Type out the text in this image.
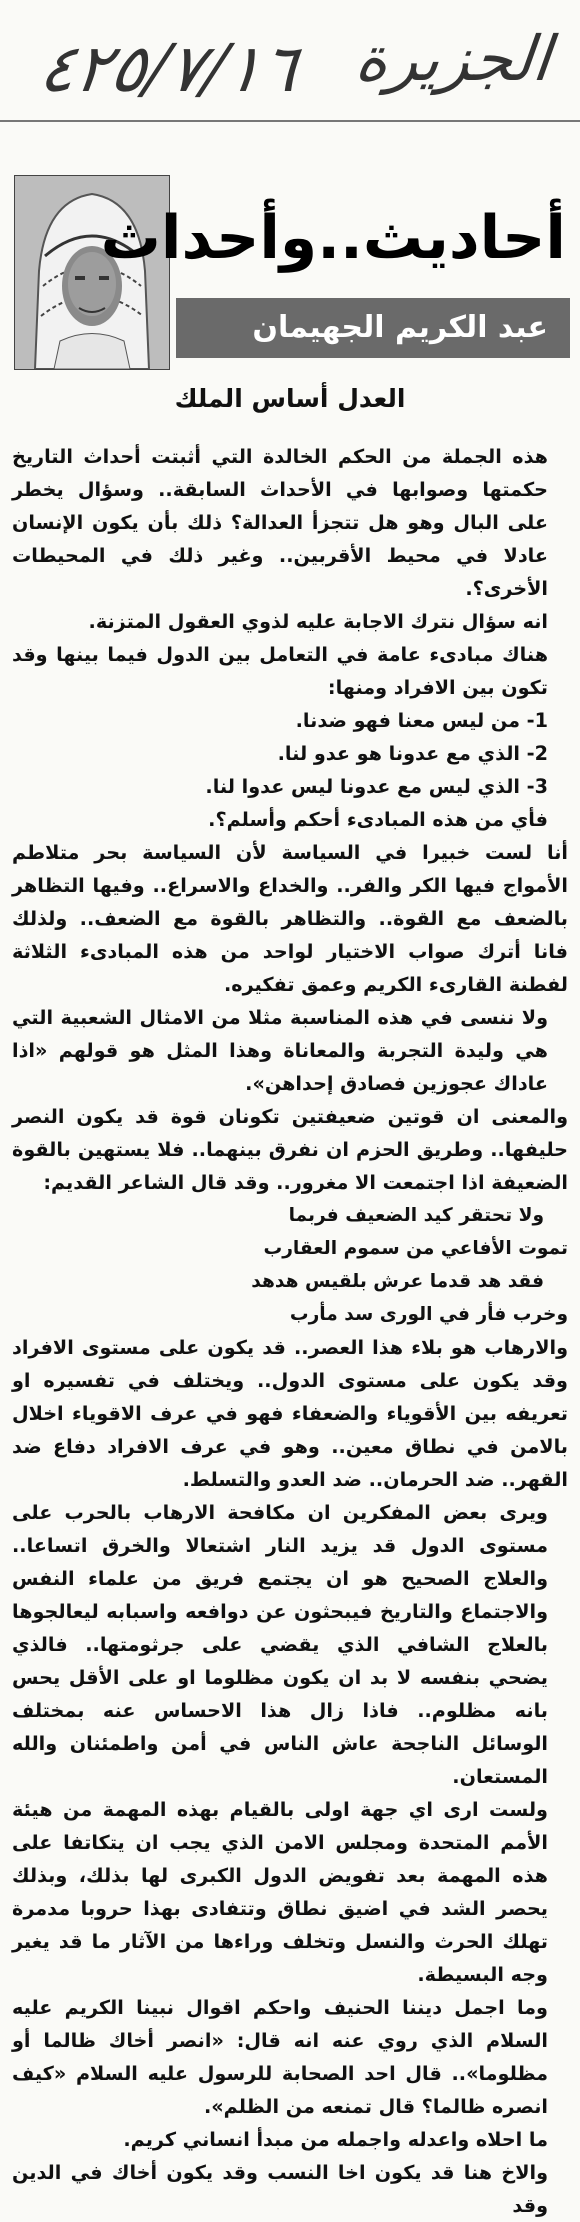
٤٢٥/٧/١٦ الجزيرة
أحاديث..وأحداث
عبد الكريم الجهيمان
العدل أساس الملك

هذه الجملة من الحكم الخالدة التي أثبتت أحداث التاريخ حكمتها وصوابها في الأحداث السابقة.. وسؤال يخطر على البال وهو هل تتجزأ العدالة؟ ذلك بأن يكون الإنسان عادلا في محيط الأقربين.. وغير ذلك في المحيطات الأخرى؟.

انه سؤال نترك الاجابة عليه لذوي العقول المتزنة.

هناك مبادىء عامة في التعامل بين الدول فيما بينها وقد تكون بين الافراد ومنها:

1- من ليس معنا فهو ضدنا.

2- الذي مع عدونا هو عدو لنا.

3- الذي ليس مع عدونا ليس عدوا لنا.

فأي من هذه المبادىء أحكم وأسلم؟.

أنا لست خبيرا في السياسة لأن السياسة بحر متلاطم الأمواج فيها الكر والفر.. والخداع والاسراع.. وفيها التظاهر بالضعف مع القوة.. والتظاهر بالقوة مع الضعف.. ولذلك فانا أترك صواب الاختيار لواحد من هذه المبادىء الثلاثة لفطنة القارىء الكريم وعمق تفكيره.

ولا ننسى في هذه المناسبة مثلا من الامثال الشعبية التي هي وليدة التجربة والمعاناة وهذا المثل هو قولهم «اذا عاداك عجوزين فصادق إحداهن».

والمعنى ان قوتين ضعيفتين تكونان قوة قد يكون النصر حليفها.. وطريق الحزم ان نفرق بينهما.. فلا يستهين بالقوة الضعيفة اذا اجتمعت الا مغرور.. وقد قال الشاعر القديم:

ولا تحتقر كيد الضعيف فربما
تموت الأفاعي من سموم العقارب
فقد هد قدما عرش بلقيس هدهد
وخرب فأر في الورى سد مأرب

والارهاب هو بلاء هذا العصر.. قد يكون على مستوى الافراد وقد يكون على مستوى الدول.. ويختلف في تفسيره او تعريفه بين الأقوياء والضعفاء فهو في عرف الاقوياء اخلال بالامن في نطاق معين.. وهو في عرف الافراد دفاع ضد القهر.. ضد الحرمان.. ضد العدو والتسلط.

ويرى بعض المفكرين ان مكافحة الارهاب بالحرب على مستوى الدول قد يزيد النار اشتعالا والخرق اتساعا.. والعلاج الصحيح هو ان يجتمع فريق من علماء النفس والاجتماع والتاريخ فيبحثون عن دوافعه واسبابه ليعالجوها بالعلاج الشافي الذي يقضي على جرثومتها.. فالذي يضحي بنفسه لا بد ان يكون مظلوما او على الأقل يحس بانه مظلوم.. فاذا زال هذا الاحساس عنه بمختلف الوسائل الناجحة عاش الناس في أمن واطمئنان والله المستعان.

ولست ارى اي جهة اولى بالقيام بهذه المهمة من هيئة الأمم المتحدة ومجلس الامن الذي يجب ان يتكاتفا على هذه المهمة بعد تفويض الدول الكبرى لها بذلك، وبذلك يحصر الشد في اضيق نطاق وتتفادى بهذا حروبا مدمرة تهلك الحرث والنسل وتخلف وراءها من الآثار ما قد يغير وجه البسيطة.

وما اجمل ديننا الحنيف واحكم اقوال نبينا الكريم عليه السلام الذي روي عنه انه قال: «انصر أخاك ظالما أو مظلوما».. قال احد الصحابة للرسول عليه السلام «كيف انصره ظالما؟ قال تمنعه من الظلم».

ما احلاه واعدله واجمله من مبدأ انساني كريم.

والاخ هنا قد يكون اخا النسب وقد يكون أخاك في الدين وقد
